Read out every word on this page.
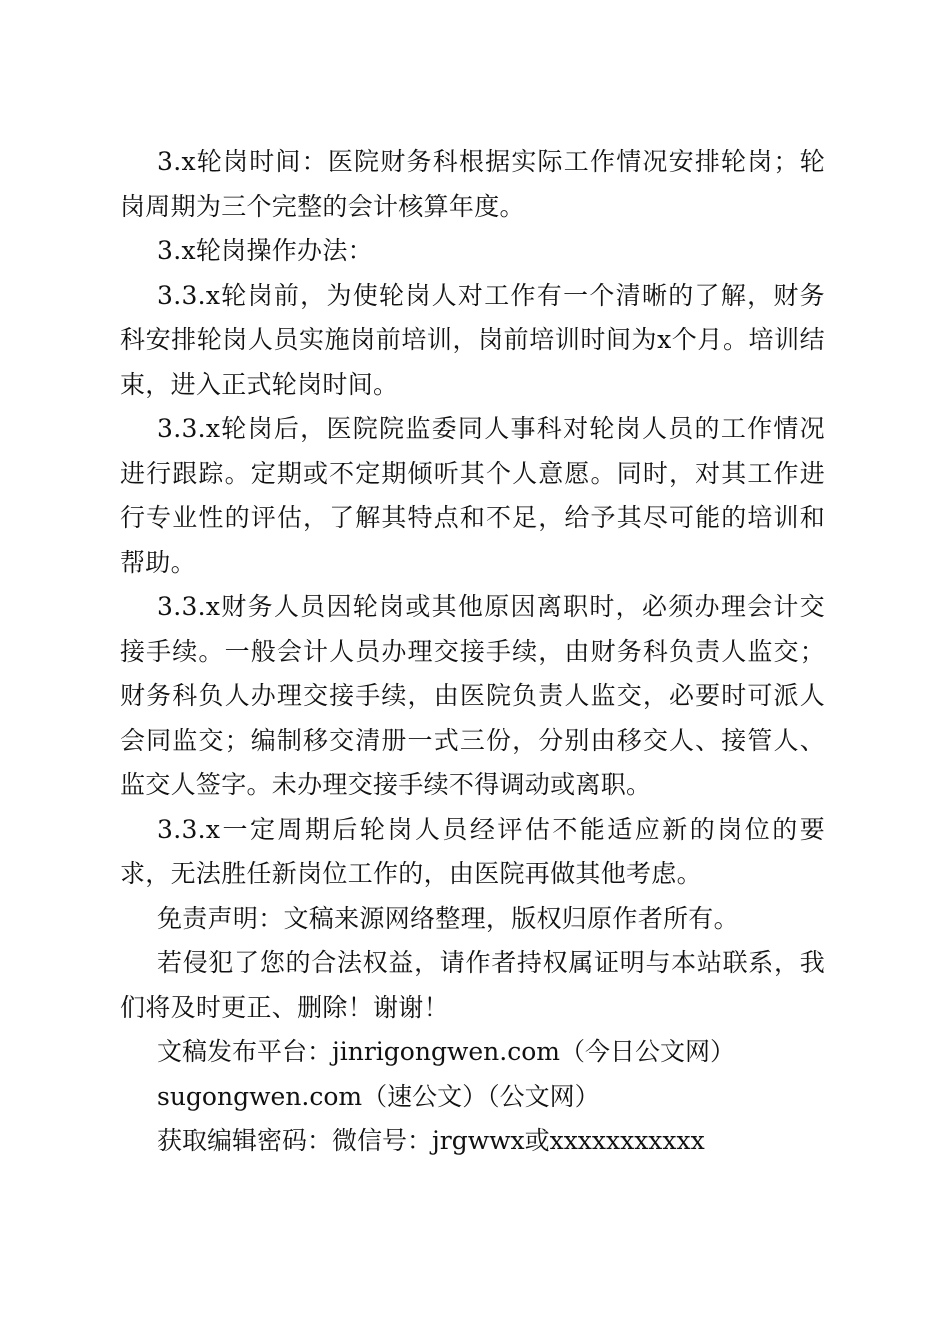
3.x轮岗时间：医院财务科根据实际工作情况安排轮岗；轮岗周期为三个完整的会计核算年度。

3.x轮岗操作办法：

3.3.x轮岗前，为使轮岗人对工作有一个清晰的了解，财务科安排轮岗人员实施岗前培训，岗前培训时间为x个月。培训结束，进入正式轮岗时间。

3.3.x轮岗后，医院院监委同人事科对轮岗人员的工作情况进行跟踪。定期或不定期倾听其个人意愿。同时，对其工作进行专业性的评估，了解其特点和不足，给予其尽可能的培训和帮助。

3.3.x财务人员因轮岗或其他原因离职时，必须办理会计交接手续。一般会计人员办理交接手续，由财务科负责人监交；财务科负人办理交接手续，由医院负责人监交，必要时可派人会同监交；编制移交清册一式三份，分别由移交人、接管人、监交人签字。未办理交接手续不得调动或离职。

3.3.x一定周期后轮岗人员经评估不能适应新的岗位的要求，无法胜任新岗位工作的，由医院再做其他考虑。

免责声明：文稿来源网络整理，版权归原作者所有。

若侵犯了您的合法权益，请作者持权属证明与本站联系，我们将及时更正、删除！谢谢！

文稿发布平台：jinrigongwen.com（今日公文网）

sugongwen.com（速公文）（公文网）

获取编辑密码：微信号：jrgwwx或xxxxxxxxxxx
